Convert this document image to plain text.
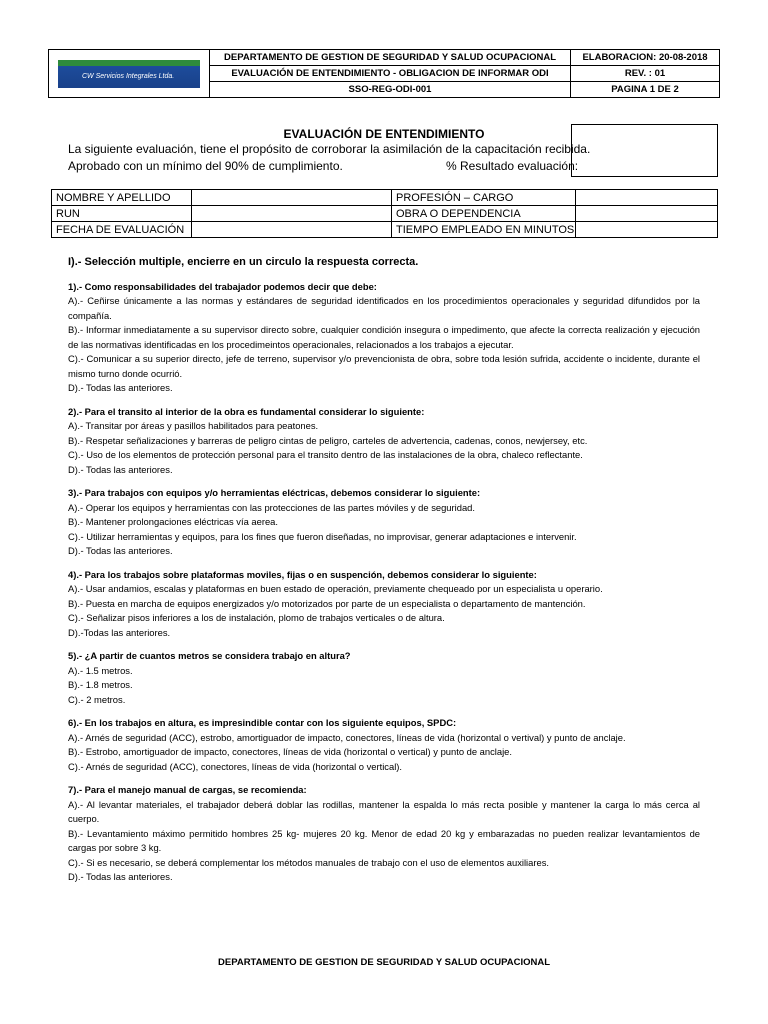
CW Servicios Integrales Ltda.	DEPARTAMENTO DE GESTION DE SEGURIDAD Y SALUD OCUPACIONAL	ELABORACION: 20-08-2018
	EVALUACIÓN DE ENTENDIMIENTO - OBLIGACION DE INFORMAR ODI	REV. : 01
	SSO-REG-ODI-001	PAGINA 1 DE 2
EVALUACIÓN DE ENTENDIMIENTO
La siguiente evaluación, tiene el propósito de corroborar la asimilación de la capacitación recibida.
Aprobado con un mínimo del 90% de cumplimiento.	% Resultado evaluación:
NOMBRE Y APELLIDO		PROFESIÓN – CARGO	
RUN		OBRA O DEPENDENCIA	
FECHA DE EVALUACIÓN		TIEMPO EMPLEADO EN MINUTOS	
I).- Selección multiple, encierre en un circulo la respuesta correcta.
1).- Como responsabilidades del trabajador podemos decir que debe:
A).- Ceñirse únicamente a las normas y estándares de seguridad identificados en los procedimientos operacionales y seguridad difundidos por la compañía.
B).- Informar inmediatamente a su supervisor directo sobre, cualquier condición insegura o impedimento, que afecte la correcta realización y ejecución de las normativas identificadas en los procedimeintos operacionales, relacionados a los trabajos a ejecutar.
C).- Comunicar a su superior directo, jefe de terreno, supervisor y/o prevencionista de obra, sobre toda lesión sufrida, accidente o incidente, durante el mismo turno donde ocurrió.
D).- Todas las anteriores.
2).- Para el transito al interior de la obra es fundamental considerar lo siguiente:
A).- Transitar por áreas y pasillos habilitados para peatones.
B).- Respetar señalizaciones y barreras de peligro cintas de peligro, carteles de advertencia, cadenas, conos, newjersey, etc.
C).- Uso de los elementos de protección personal para el transito dentro de las instalaciones de la obra, chaleco reflectante.
D).- Todas las anteriores.
3).- Para trabajos con equipos y/o herramientas eléctricas, debemos considerar lo siguiente:
A).- Operar los equipos y herramientas con las protecciones de las partes móviles y de seguridad.
B).- Mantener prolongaciones eléctricas vía aerea.
C).- Utilizar herramientas y equipos, para los fines que fueron diseñadas, no improvisar, generar adaptaciones e intervenir.
D).- Todas las anteriores.
4).- Para los trabajos sobre plataformas moviles, fijas o en suspención, debemos considerar lo siguiente:
A).- Usar andamios, escalas y plataformas en buen estado de operación, previamente chequeado por un especialista u operario.
B).- Puesta en marcha de equipos energizados y/o motorizados por parte de un especialista o departamento de mantención.
C).- Señalizar pisos inferiores a los de instalación, plomo de trabajos verticales o de altura.
D).-Todas las anteriores.
5).- ¿A partir de cuantos metros se considera trabajo en altura?
A).- 1.5 metros.
B).- 1.8 metros.
C).- 2 metros.
6).- En los trabajos en altura, es impresindible contar con los siguiente equipos, SPDC:
A).- Arnés de seguridad (ACC), estrobo, amortiguador de impacto, conectores, líneas de vida (horizontal o vertival) y punto de anclaje.
B).- Estrobo, amortiguador de impacto, conectores, líneas de vida (horizontal o vertical) y punto de anclaje.
C).- Arnés de seguridad (ACC), conectores, líneas de vida (horizontal o vertical).
7).- Para el manejo manual de cargas, se recomienda:
A).- Al levantar materiales, el trabajador deberá doblar las rodillas, mantener la espalda lo más recta posible y mantener la carga lo más cerca al cuerpo.
B).- Levantamiento máximo permitido hombres 25 kg- mujeres 20 kg. Menor de edad 20 kg y embarazadas no pueden realizar levantamientos de cargas por sobre 3 kg.
C).- Si es necesario, se deberá complementar los métodos manuales de trabajo con el uso de elementos auxiliares.
D).- Todas las anteriores.
DEPARTAMENTO DE GESTION DE SEGURIDAD Y SALUD OCUPACIONAL
